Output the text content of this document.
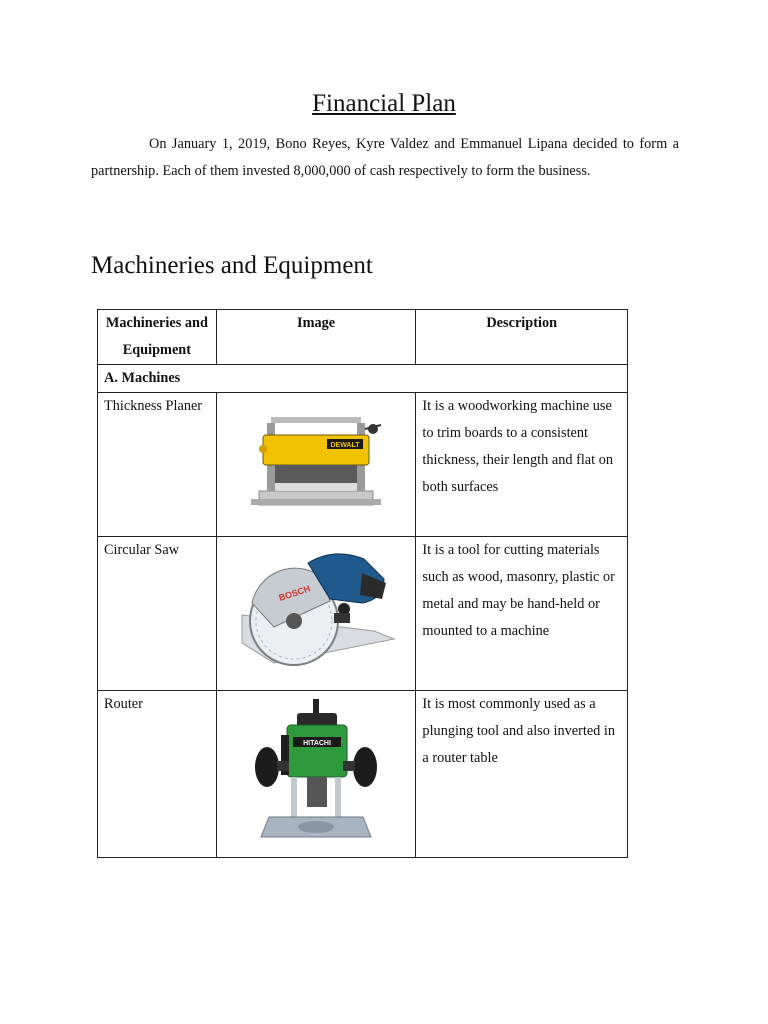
Financial Plan

On January 1, 2019, Bono Reyes, Kyre Valdez and Emmanuel Lipana decided to form a partnership. Each of them invested 8,000,000 of cash respectively to form the business.

Machineries and Equipment
Machineries and Equipment	Image	Description
A. Machines		
Thickness Planer	DEWALT	It is a woodworking machine use to trim boards to a consistent thickness, their length and flat on both surfaces
Circular Saw	BOSCH	It is a tool for cutting materials such as wood, masonry, plastic or metal and may be hand-held or mounted to a machine
Router	HITACHI	It is most commonly used as a plunging tool and also inverted in a router table
